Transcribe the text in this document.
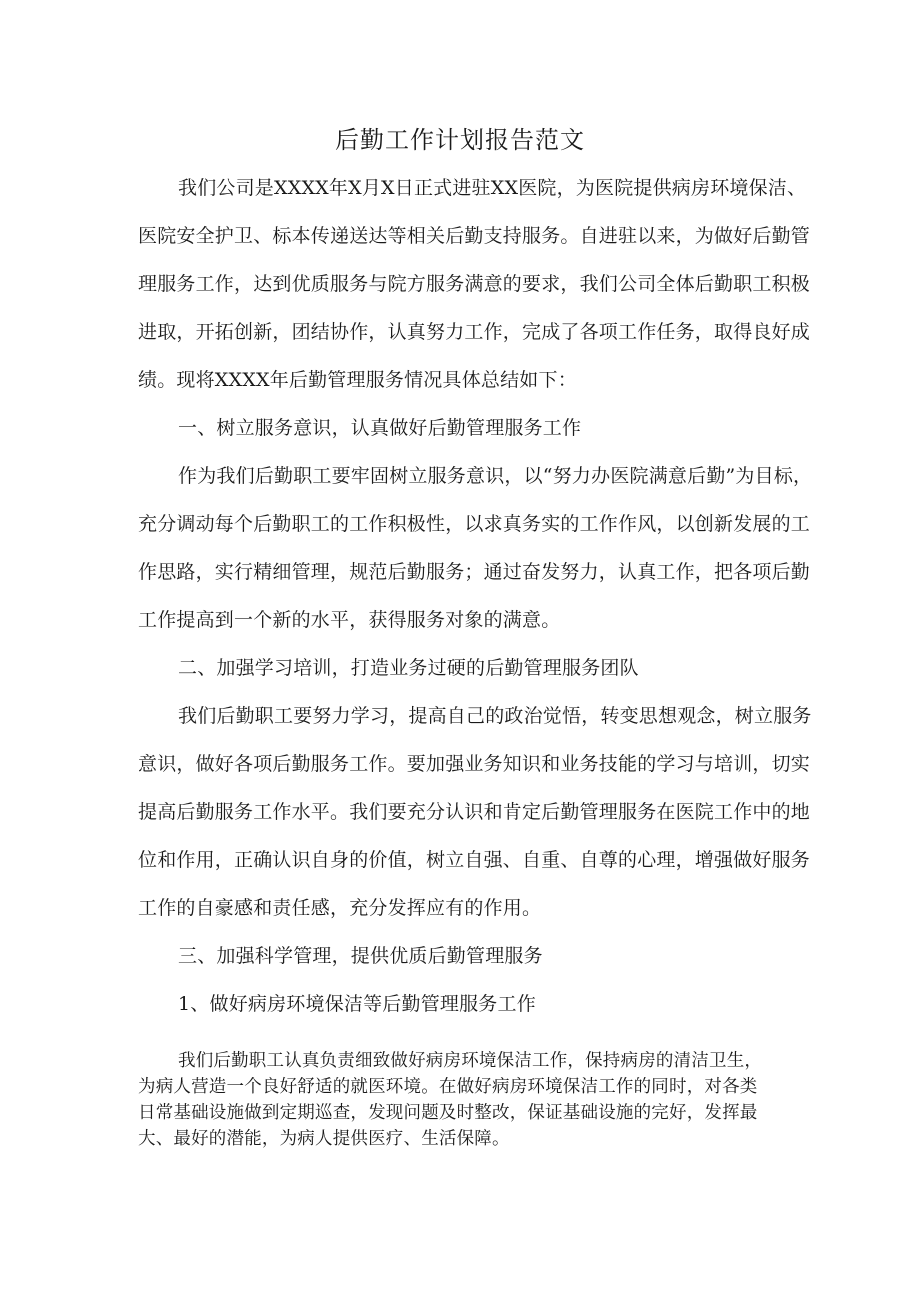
后勤工作计划报告范文
我们公司是XXXX年X月X日正式进驻XX医院，为医院提供病房环境保洁、
医院安全护卫、标本传递送达等相关后勤支持服务。自进驻以来，为做好后勤管
理服务工作，达到优质服务与院方服务满意的要求，我们公司全体后勤职工积极
进取，开拓创新，团结协作，认真努力工作，完成了各项工作任务，取得良好成
绩。现将XXXX年后勤管理服务情况具体总结如下：
一、树立服务意识，认真做好后勤管理服务工作
作为我们后勤职工要牢固树立服务意识，以“努力办医院满意后勤”为目标，
充分调动每个后勤职工的工作积极性，以求真务实的工作作风，以创新发展的工
作思路，实行精细管理，规范后勤服务；通过奋发努力，认真工作，把各项后勤
工作提高到一个新的水平，获得服务对象的满意。
二、加强学习培训，打造业务过硬的后勤管理服务团队
我们后勤职工要努力学习，提高自己的政治觉悟，转变思想观念，树立服务
意识，做好各项后勤服务工作。要加强业务知识和业务技能的学习与培训，切实
提高后勤服务工作水平。我们要充分认识和肯定后勤管理服务在医院工作中的地
位和作用，正确认识自身的价值，树立自强、自重、自尊的心理，增强做好服务
工作的自豪感和责任感，充分发挥应有的作用。
三、加强科学管理，提供优质后勤管理服务
1、做好病房环境保洁等后勤管理服务工作
我们后勤职工认真负责细致做好病房环境保洁工作，保持病房的清洁卫生，
为病人营造一个良好舒适的就医环境。在做好病房环境保洁工作的同时，对各类
日常基础设施做到定期巡查，发现问题及时整改，保证基础设施的完好，发挥最
大、最好的潜能，为病人提供医疗、生活保障。
